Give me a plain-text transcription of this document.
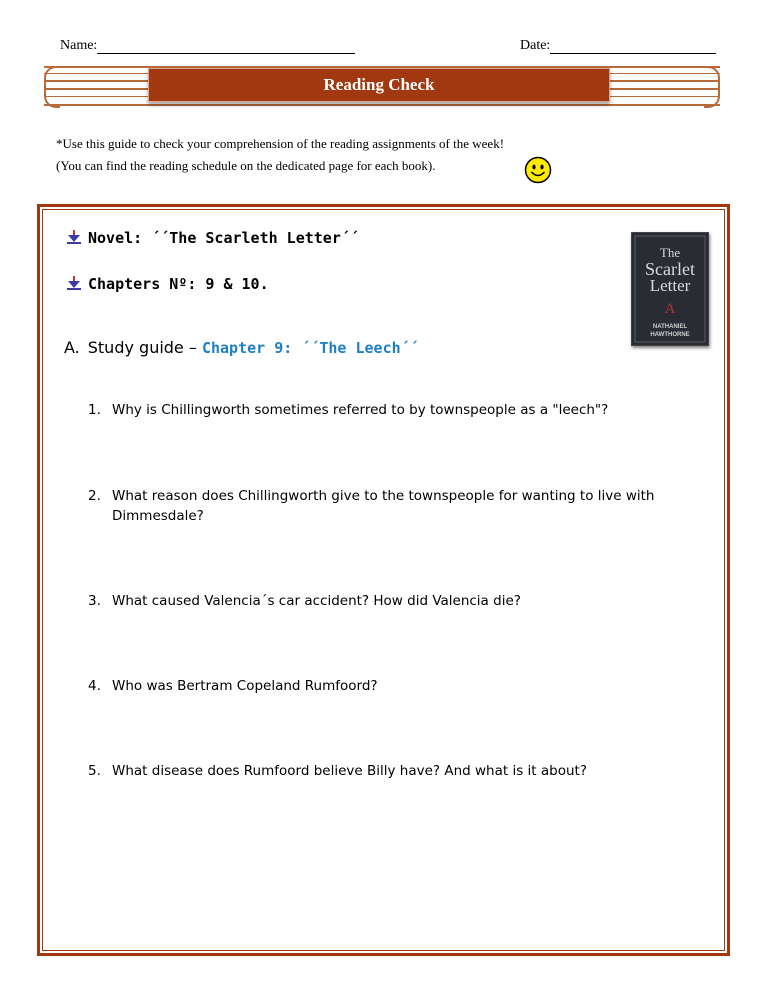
Name:	Date:
Reading Check
*Use this guide to check your comprehension of the reading assignments of the week!
(You can find the reading schedule on the dedicated page for each book).
Novel: ´´The Scarleth Letter´´
Chapters Nº: 9 & 10.
The
Scarlet
Letter
A
NATHANIEL
HAWTHORNE
A. Study guide – Chapter 9: ´´The Leech´´
1. Why is Chillingworth sometimes referred to by townspeople as a "leech"?
2. What reason does Chillingworth give to the townspeople for wanting to live with Dimmesdale?
3. What caused Valencia´s car accident? How did Valencia die?
4. Who was Bertram Copeland Rumfoord?
5. What disease does Rumfoord believe Billy have? And what is it about?
